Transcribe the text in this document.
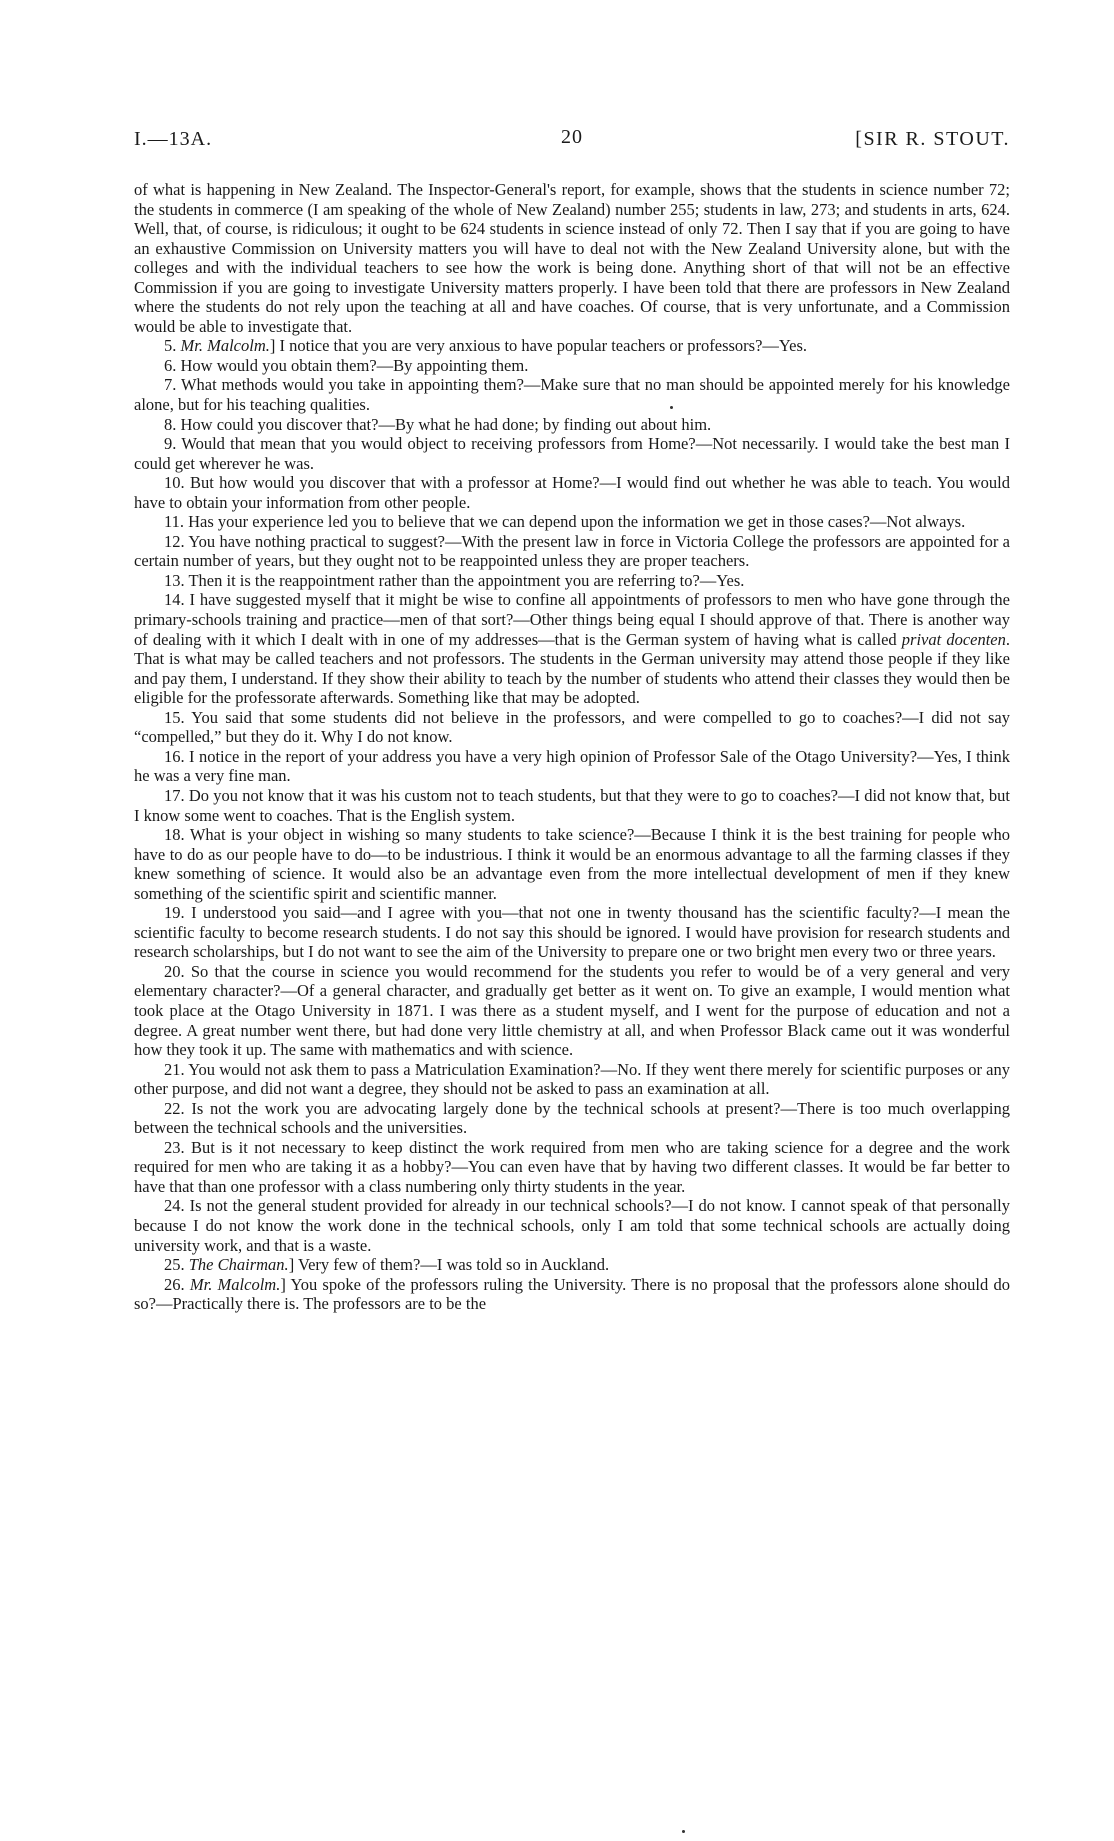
I.—13A.	20	[SIR R. STOUT.

of what is happening in New Zealand. The Inspector-General's report, for example, shows that the students in science number 72; the students in commerce (I am speaking of the whole of New Zealand) number 255; students in law, 273; and students in arts, 624. Well, that, of course, is ridiculous; it ought to be 624 students in science instead of only 72. Then I say that if you are going to have an exhaustive Commission on University matters you will have to deal not with the New Zealand University alone, but with the colleges and with the individual teachers to see how the work is being done. Anything short of that will not be an effective Commission if you are going to investigate University matters properly. I have been told that there are professors in New Zealand where the students do not rely upon the teaching at all and have coaches. Of course, that is very unfortunate, and a Commission would be able to investigate that.

5. Mr. Malcolm.] I notice that you are very anxious to have popular teachers or professors?—Yes.

6. How would you obtain them?—By appointing them.

7. What methods would you take in appointing them?—Make sure that no man should be appointed merely for his knowledge alone, but for his teaching qualities.

8. How could you discover that?—By what he had done; by finding out about him.

9. Would that mean that you would object to receiving professors from Home?—Not necessarily. I would take the best man I could get wherever he was.

10. But how would you discover that with a professor at Home?—I would find out whether he was able to teach. You would have to obtain your information from other people.

11. Has your experience led you to believe that we can depend upon the information we get in those cases?—Not always.

12. You have nothing practical to suggest?—With the present law in force in Victoria College the professors are appointed for a certain number of years, but they ought not to be reappointed unless they are proper teachers.

13. Then it is the reappointment rather than the appointment you are referring to?—Yes.

14. I have suggested myself that it might be wise to confine all appointments of professors to men who have gone through the primary-schools training and practice—men of that sort?—Other things being equal I should approve of that. There is another way of dealing with it which I dealt with in one of my addresses—that is the German system of having what is called privat docenten. That is what may be called teachers and not professors. The students in the German university may attend those people if they like and pay them, I understand. If they show their ability to teach by the number of students who attend their classes they would then be eligible for the professorate afterwards. Something like that may be adopted.

15. You said that some students did not believe in the professors, and were compelled to go to coaches?—I did not say “compelled,” but they do it. Why I do not know.

16. I notice in the report of your address you have a very high opinion of Professor Sale of the Otago University?—Yes, I think he was a very fine man.

17. Do you not know that it was his custom not to teach students, but that they were to go to coaches?—I did not know that, but I know some went to coaches. That is the English system.

18. What is your object in wishing so many students to take science?—Because I think it is the best training for people who have to do as our people have to do—to be industrious. I think it would be an enormous advantage to all the farming classes if they knew something of science. It would also be an advantage even from the more intellectual development of men if they knew something of the scientific spirit and scientific manner.

19. I understood you said—and I agree with you—that not one in twenty thousand has the scientific faculty?—I mean the scientific faculty to become research students. I do not say this should be ignored. I would have provision for research students and research scholarships, but I do not want to see the aim of the University to prepare one or two bright men every two or three years.

20. So that the course in science you would recommend for the students you refer to would be of a very general and very elementary character?—Of a general character, and gradually get better as it went on. To give an example, I would mention what took place at the Otago University in 1871. I was there as a student myself, and I went for the purpose of education and not a degree. A great number went there, but had done very little chemistry at all, and when Professor Black came out it was wonderful how they took it up. The same with mathematics and with science.

21. You would not ask them to pass a Matriculation Examination?—No. If they went there merely for scientific purposes or any other purpose, and did not want a degree, they should not be asked to pass an examination at all.

22. Is not the work you are advocating largely done by the technical schools at present?—There is too much overlapping between the technical schools and the universities.

23. But is it not necessary to keep distinct the work required from men who are taking science for a degree and the work required for men who are taking it as a hobby?—You can even have that by having two different classes. It would be far better to have that than one professor with a class numbering only thirty students in the year.

24. Is not the general student provided for already in our technical schools?—I do not know. I cannot speak of that personally because I do not know the work done in the technical schools, only I am told that some technical schools are actually doing university work, and that is a waste.

25. The Chairman.] Very few of them?—I was told so in Auckland.

26. Mr. Malcolm.] You spoke of the professors ruling the University. There is no proposal that the professors alone should do so?—Practically there is. The professors are to be the
